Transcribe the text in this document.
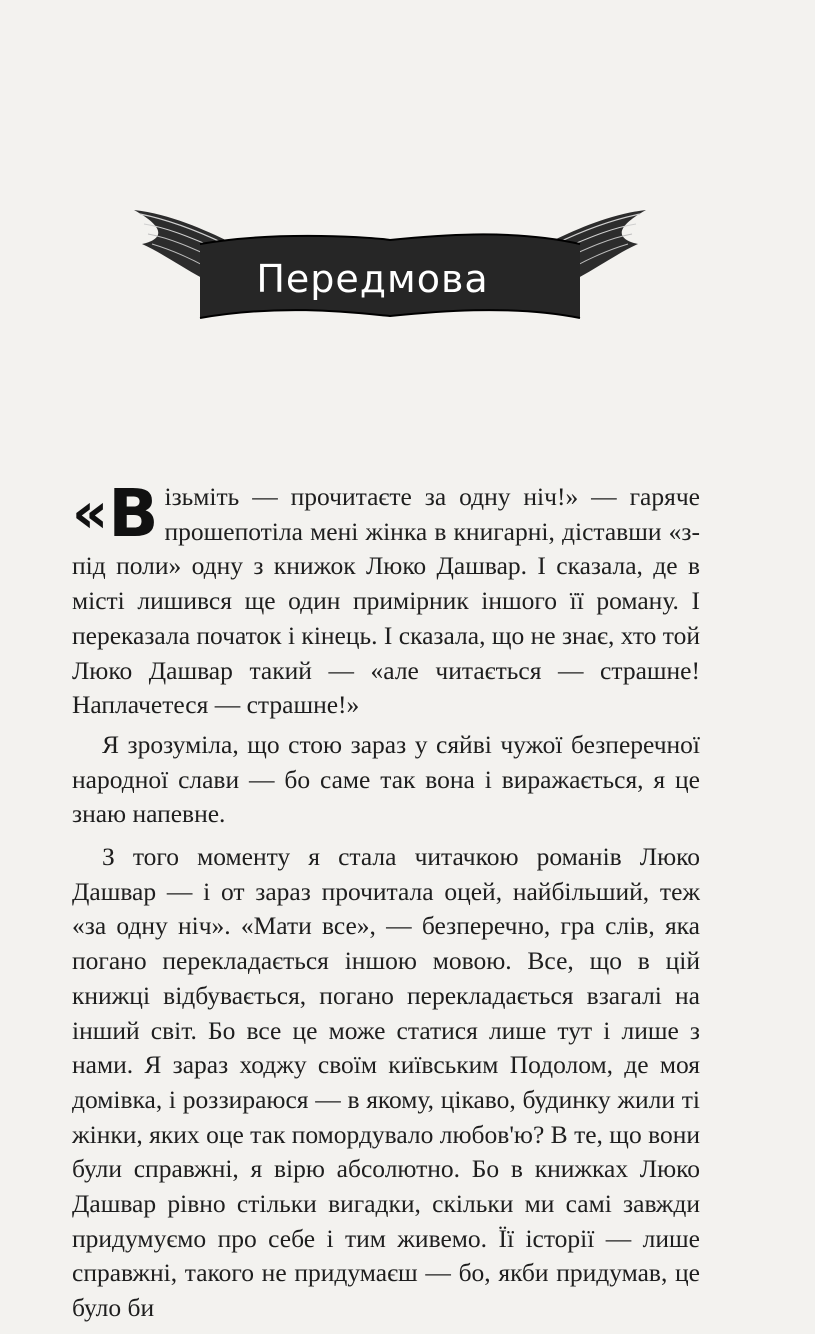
Передмова

«В ізьміть — прочитаєте за одну ніч!» — гаряче прошепотіла мені жінка в книгарні, діставши «з-під поли» одну з книжок Люко Дашвар. І сказала, де в місті лишився ще один примірник іншого її роману. І переказала початок і кінець. І сказала, що не знає, хто той Люко Дашвар такий — «але читається — страшне! Наплачетеся — страшне!»

Я зрозуміла, що стою зараз у сяйві чужої безперечної народної слави — бо саме так вона і виражається, я це знаю напевне.

З того моменту я стала читачкою романів Люко Дашвар — і от зараз прочитала оцей, найбільший, теж «за одну ніч». «Мати все», — безперечно, гра слів, яка погано перекладається іншою мовою. Все, що в цій книжці відбувається, погано перекладається взагалі на інший світ. Бо все це може статися лише тут і лише з нами. Я зараз ходжу своїм київським Подолом, де моя домівка, і роззираюся — в якому, цікаво, будинку жили ті жінки, яких оце так помордувало любов'ю? В те, що вони були справжні, я вірю абсолютно. Бо в книжках Люко Дашвар рівно стільки вигадки, скільки ми самі завжди придумуємо про себе і тим живемо. Її історії — лише справжні, такого не придумаєш — бо, якби придумав, це було би
